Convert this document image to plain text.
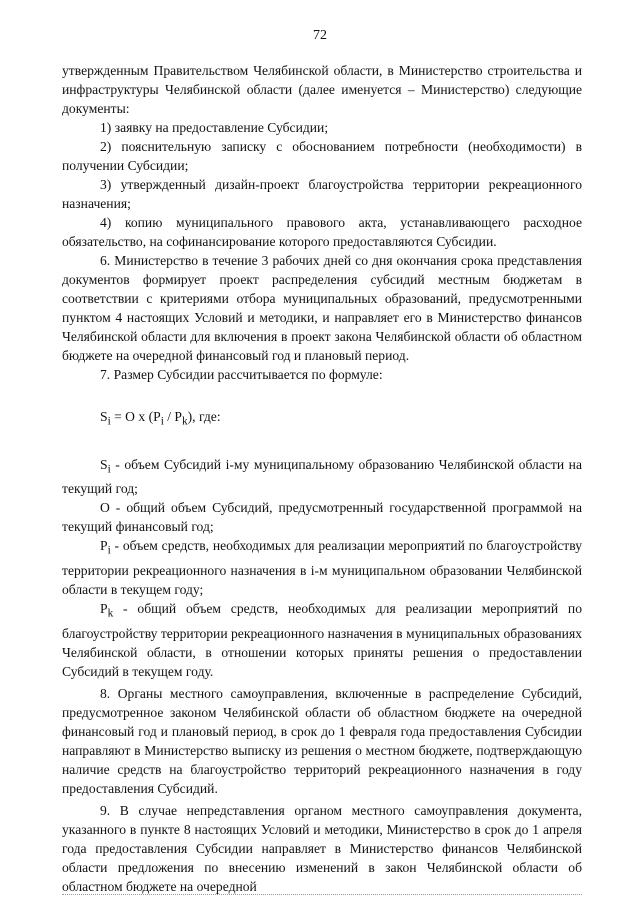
72

утвержденным Правительством Челябинской области, в Министерство строительства и инфраструктуры Челябинской области (далее именуется – Министерство) следующие документы:

1) заявку на предоставление Субсидии;

2) пояснительную записку с обоснованием потребности (необходимости) в получении Субсидии;

3) утвержденный дизайн-проект благоустройства территории рекреационного назначения;

4) копию муниципального правового акта, устанавливающего расходное обязательство, на софинансирование которого предоставляются Субсидии.

6. Министерство в течение 3 рабочих дней со дня окончания срока представления документов формирует проект распределения субсидий местным бюджетам в соответствии с критериями отбора муниципальных образований, предусмотренными пунктом 4 настоящих Условий и методики, и направляет его в Министерство финансов Челябинской области для включения в проект закона Челябинской области об областном бюджете на очередной финансовый год и плановый период.

7. Размер Субсидии рассчитывается по формуле:

$S_i = O$ x $(P_i / P_k)$, где:

$S_i$ - объем Субсидий i-му муниципальному образованию Челябинской области на текущий год;

О - общий объем Субсидий, предусмотренный государственной программой на текущий финансовый год;

$P_i$ - объем средств, необходимых для реализации мероприятий по благоустройству территории рекреационного назначения в i-м муниципальном образовании Челябинской области в текущем году;

$P_k$ - общий объем средств, необходимых для реализации мероприятий по благоустройству территории рекреационного назначения в муниципальных образованиях Челябинской области, в отношении которых приняты решения о предоставлении Субсидий в текущем году.

8. Органы местного самоуправления, включенные в распределение Субсидий, предусмотренное законом Челябинской области об областном бюджете на очередной финансовый год и плановый период, в срок до 1 февраля года предоставления Субсидии направляют в Министерство выписку из решения о местном бюджете, подтверждающую наличие средств на благоустройство территорий рекреационного назначения в году предоставления Субсидий.

9. В случае непредставления органом местного самоуправления документа, указанного в пункте 8 настоящих Условий и методики, Министерство в срок до 1 апреля года предоставления Субсидии направляет в Министерство финансов Челябинской области предложения по внесению изменений в закон Челябинской области об областном бюджете на очередной
